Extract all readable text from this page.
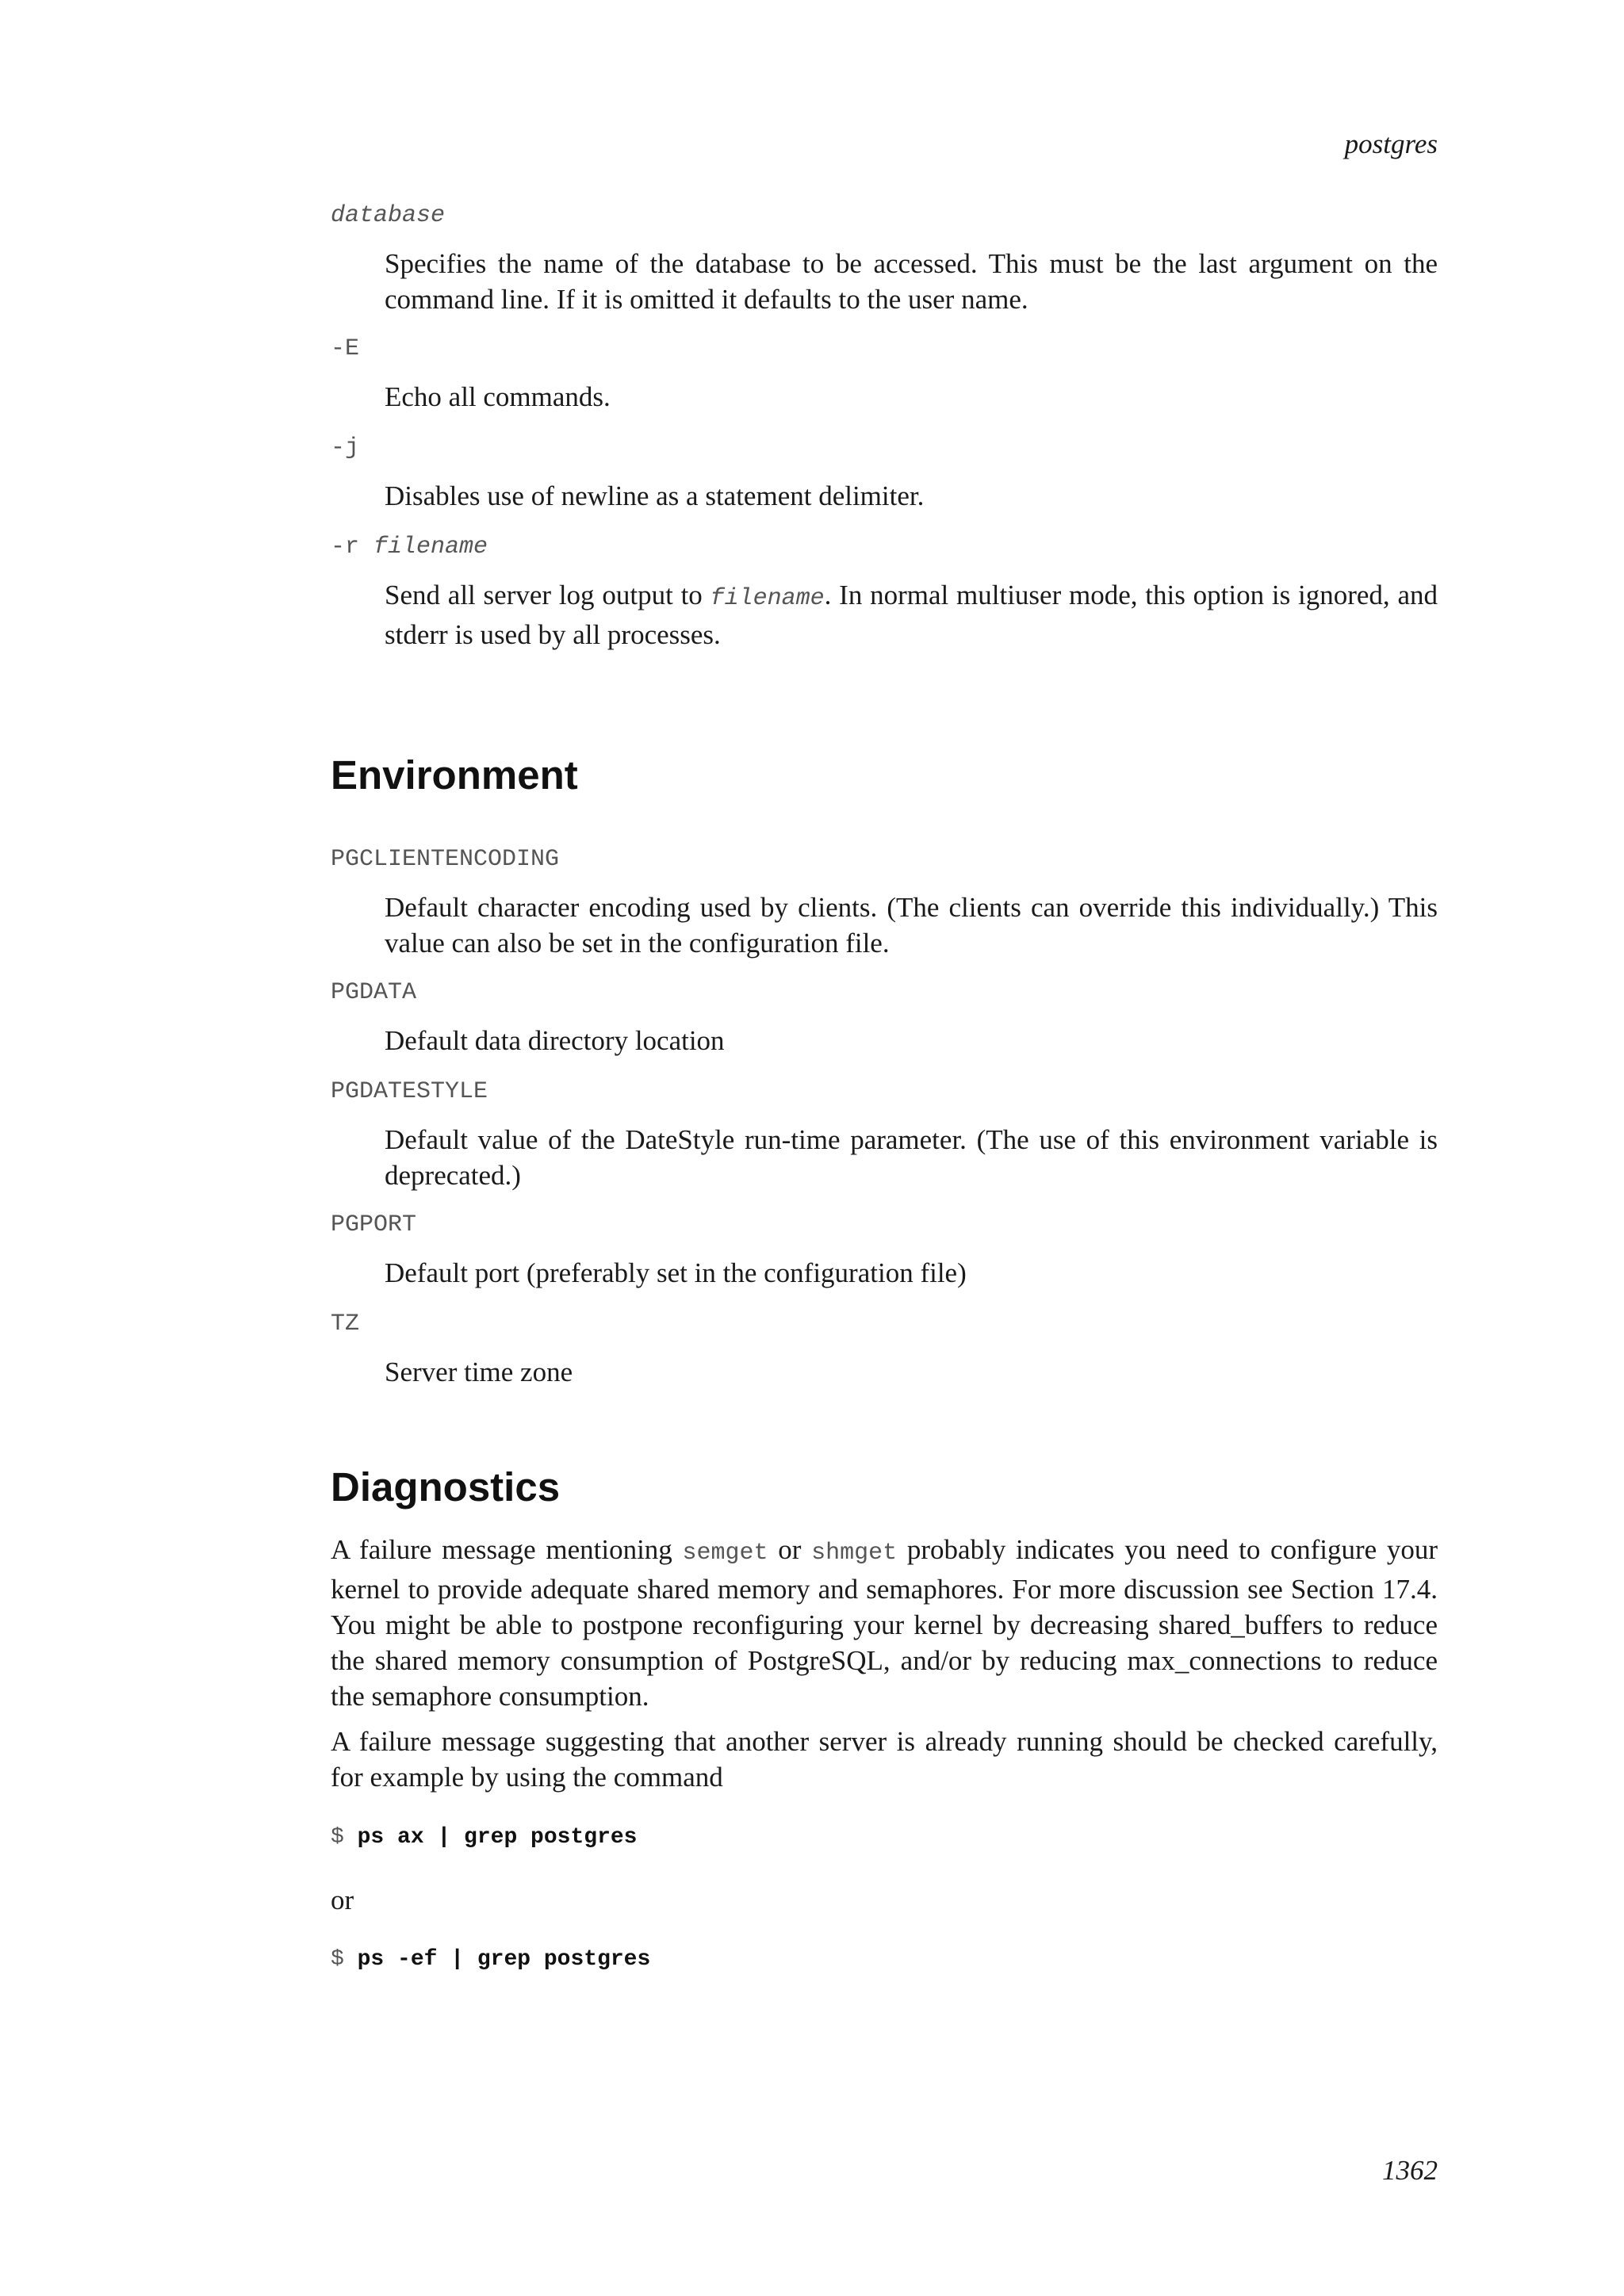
postgres
database
Specifies the name of the database to be accessed. This must be the last argument on the command line. If it is omitted it defaults to the user name.
-E
Echo all commands.
-j
Disables use of newline as a statement delimiter.
-r filename
Send all server log output to filename. In normal multiuser mode, this option is ignored, and stderr is used by all processes.
Environment
PGCLIENTENCODING
Default character encoding used by clients. (The clients can override this individually.) This value can also be set in the configuration file.
PGDATA
Default data directory location
PGDATESTYLE
Default value of the DateStyle run-time parameter. (The use of this environment variable is deprecated.)
PGPORT
Default port (preferably set in the configuration file)
TZ
Server time zone
Diagnostics
A failure message mentioning semget or shmget probably indicates you need to configure your kernel to provide adequate shared memory and semaphores. For more discussion see Section 17.4. You might be able to postpone reconfiguring your kernel by decreasing shared_buffers to reduce the shared memory consumption of PostgreSQL, and/or by reducing max_connections to reduce the semaphore consumption.
A failure message suggesting that another server is already running should be checked carefully, for example by using the command
$ ps ax | grep postgres
or
$ ps -ef | grep postgres
1362
